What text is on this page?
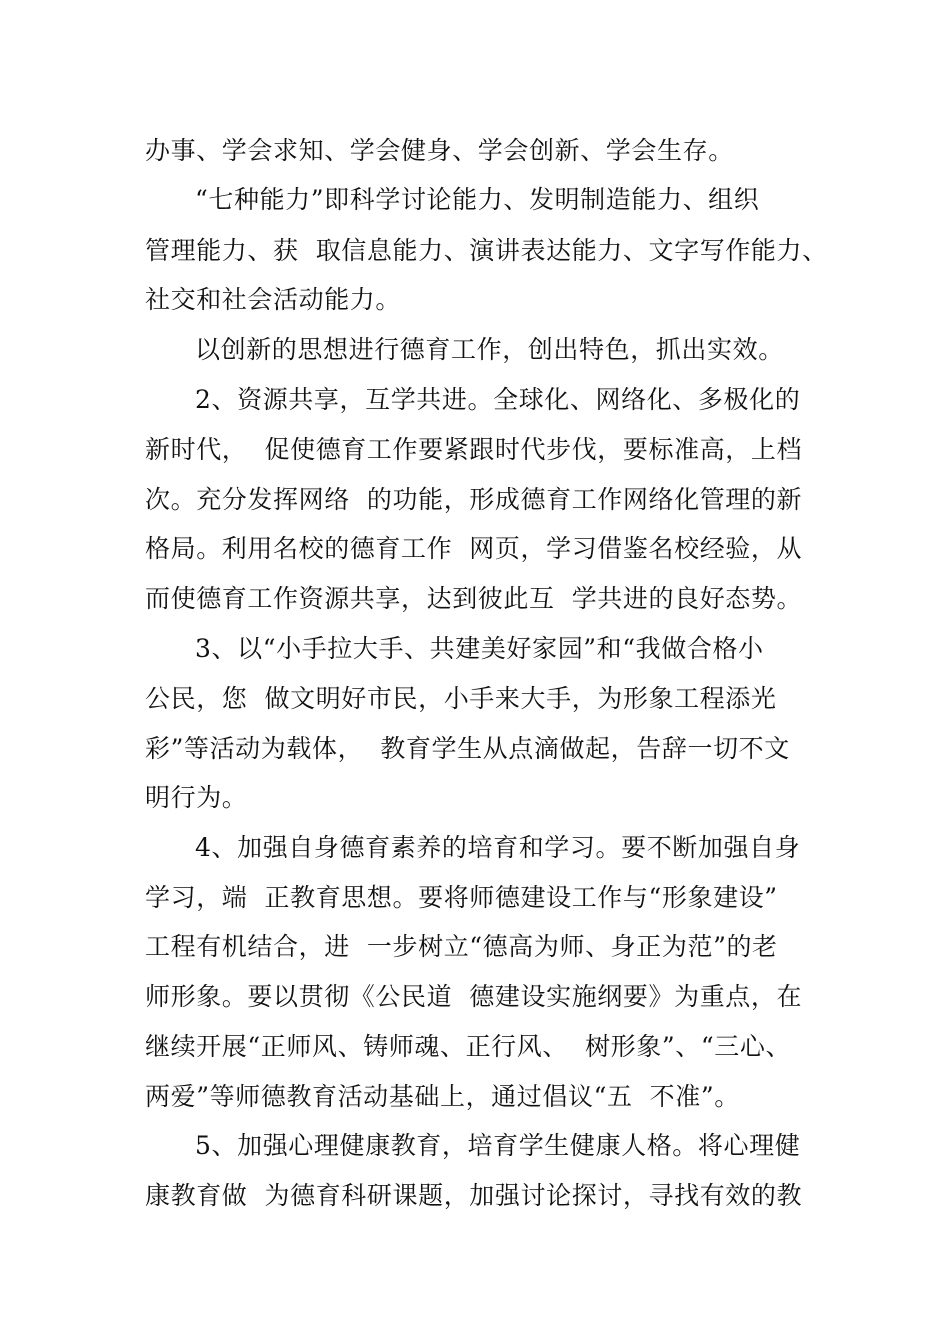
办事、学会求知、学会健身、学会创新、学会生存。
“七种能力”即科学讨论能力、发明制造能力、组织
管理能力、获  取信息能力、演讲表达能力、文字写作能力、
社交和社会活动能力。
以创新的思想进行德育工作，创出特色，抓出实效。
2、资源共享，互学共进。全球化、网络化、多极化的
新时代，  促使德育工作要紧跟时代步伐，要标准高，上档
次。充分发挥网络  的功能，形成德育工作网络化管理的新
格局。利用名校的德育工作  网页，学习借鉴名校经验，从
而使德育工作资源共享，达到彼此互  学共进的良好态势。
3、以“小手拉大手、共建美好家园”和“我做合格小
公民，您  做文明好市民，小手来大手，为形象工程添光
彩”等活动为载体，  教育学生从点滴做起，告辞一切不文
明行为。
4、加强自身德育素养的培育和学习。要不断加强自身
学习，端  正教育思想。要将师德建设工作与“形象建设”
工程有机结合，进  一步树立“德高为师、身正为范”的老
师形象。要以贯彻《公民道  德建设实施纲要》为重点，在
继续开展“正师风、铸师魂、正行风、  树形象”、“三心、
两爱”等师德教育活动基础上，通过倡议“五  不准”。
5、加强心理健康教育，培育学生健康人格。将心理健
康教育做  为德育科研课题，加强讨论探讨，寻找有效的教
